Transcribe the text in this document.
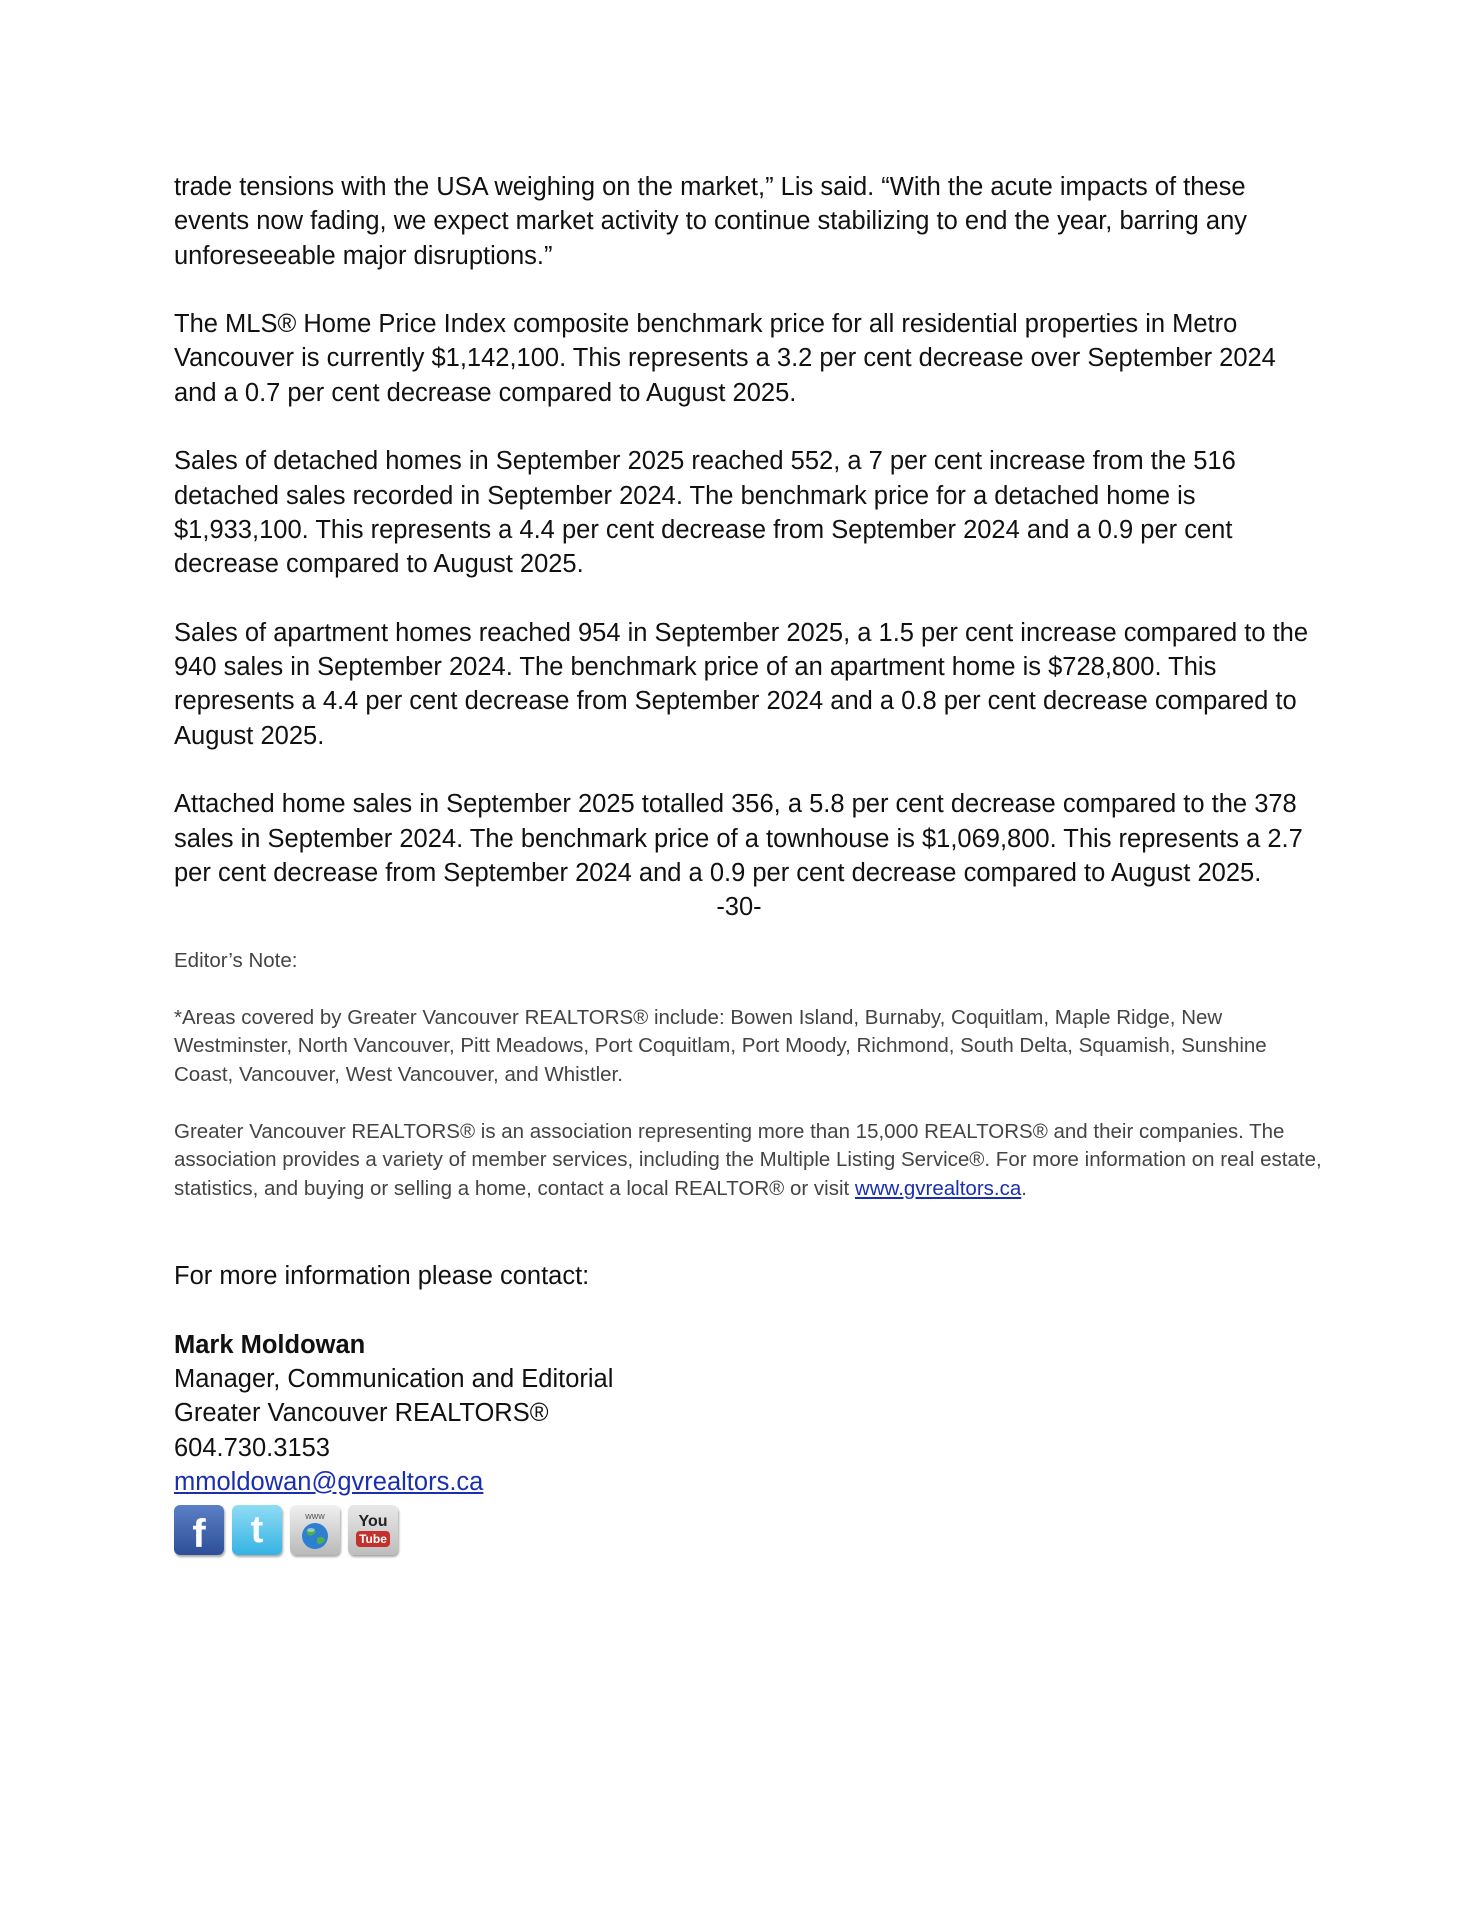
trade tensions with the USA weighing on the market,” Lis said. “With the acute impacts of these events now fading, we expect market activity to continue stabilizing to end the year, barring any unforeseeable major disruptions.”

The MLS® Home Price Index composite benchmark price for all residential properties in Metro Vancouver is currently $1,142,100. This represents a 3.2 per cent decrease over September 2024 and a 0.7 per cent decrease compared to August 2025.

Sales of detached homes in September 2025 reached 552, a 7 per cent increase from the 516 detached sales recorded in September 2024. The benchmark price for a detached home is $1,933,100. This represents a 4.4 per cent decrease from September 2024 and a 0.9 per cent decrease compared to August 2025.

Sales of apartment homes reached 954 in September 2025, a 1.5 per cent increase compared to the 940 sales in September 2024. The benchmark price of an apartment home is $728,800. This represents a 4.4 per cent decrease from September 2024 and a 0.8 per cent decrease compared to August 2025.

Attached home sales in September 2025 totalled 356, a 5.8 per cent decrease compared to the 378 sales in September 2024. The benchmark price of a townhouse is $1,069,800. This represents a 2.7 per cent decrease from September 2024 and a 0.9 per cent decrease compared to August 2025.

-30-

Editor’s Note:

*Areas covered by Greater Vancouver REALTORS® include: Bowen Island, Burnaby, Coquitlam, Maple Ridge, New Westminster, North Vancouver, Pitt Meadows, Port Coquitlam, Port Moody, Richmond, South Delta, Squamish, Sunshine Coast, Vancouver, West Vancouver, and Whistler.

Greater Vancouver REALTORS® is an association representing more than 15,000 REALTORS® and their companies. The association provides a variety of member services, including the Multiple Listing Service®. For more information on real estate, statistics, and buying or selling a home, contact a local REALTOR® or visit www.gvrealtors.ca.

For more information please contact:
Mark Moldowan
Manager, Communication and Editorial
Greater Vancouver REALTORS®
604.730.3153
mmoldowan@gvrealtors.ca
f t	www You
Tube
